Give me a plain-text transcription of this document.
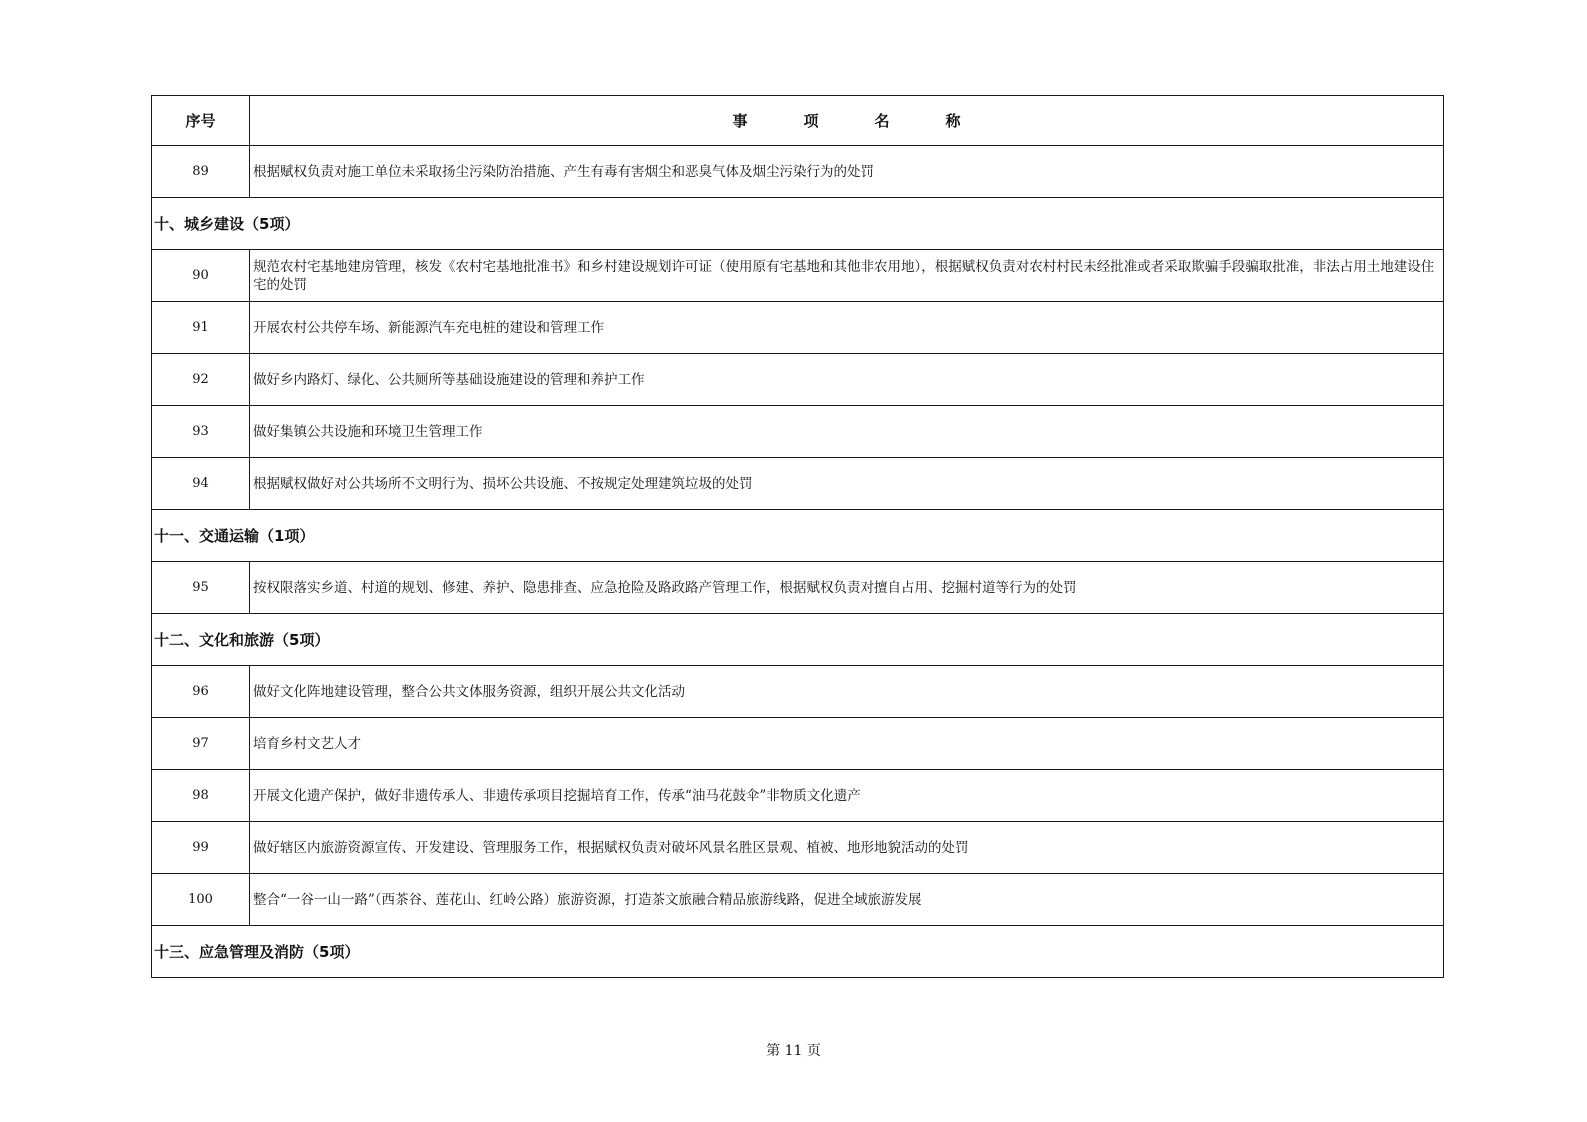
序号	事 项 名 称
89	根据赋权负责对施工单位未采取扬尘污染防治措施、产生有毒有害烟尘和恶臭气体及烟尘污染行为的处罚
十、城乡建设（5项）	
90	规范农村宅基地建房管理，核发《农村宅基地批准书》和乡村建设规划许可证（使用原有宅基地和其他非农用地），根据赋权负责对农村村民未经批准或者采取欺骗手段骗取批准，非法占用土地建设住宅的处罚
91	开展农村公共停车场、新能源汽车充电桩的建设和管理工作
92	做好乡内路灯、绿化、公共厕所等基础设施建设的管理和养护工作
93	做好集镇公共设施和环境卫生管理工作
94	根据赋权做好对公共场所不文明行为、损坏公共设施、不按规定处理建筑垃圾的处罚
十一、交通运输（1项）	
95	按权限落实乡道、村道的规划、修建、养护、隐患排查、应急抢险及路政路产管理工作，根据赋权负责对擅自占用、挖掘村道等行为的处罚
十二、文化和旅游（5项）	
96	做好文化阵地建设管理，整合公共文体服务资源，组织开展公共文化活动
97	培育乡村文艺人才
98	开展文化遗产保护，做好非遗传承人、非遗传承项目挖掘培育工作，传承“油马花鼓伞”非物质文化遗产
99	做好辖区内旅游资源宣传、开发建设、管理服务工作，根据赋权负责对破坏风景名胜区景观、植被、地形地貌活动的处罚
100	整合“一谷一山一路”（西茶谷、莲花山、红岭公路）旅游资源，打造茶文旅融合精品旅游线路，促进全域旅游发展
十三、应急管理及消防（5项）	
第 11 页
